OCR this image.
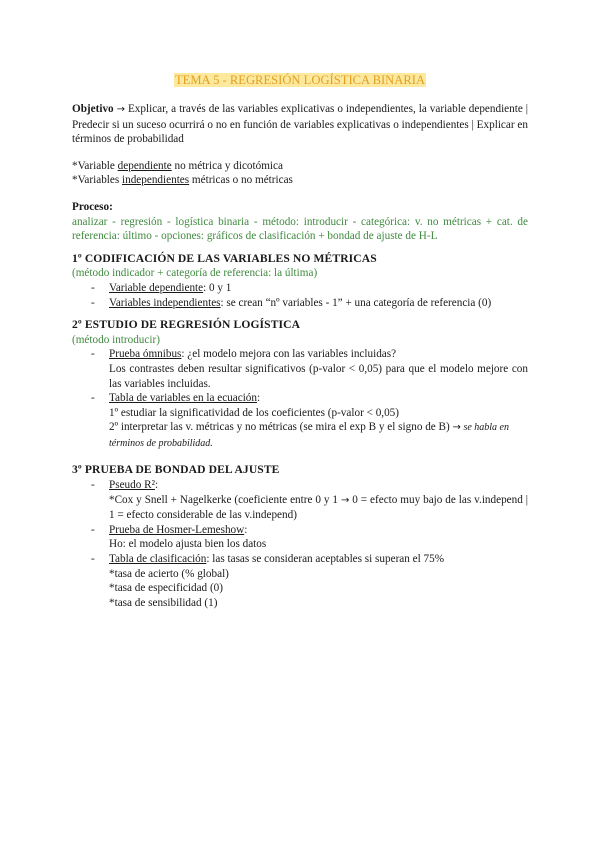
TEMA 5 - REGRESIÓN LOGÍSTICA BINARIA

Objetivo → Explicar, a través de las variables explicativas o independientes, la variable dependiente | Predecir si un suceso ocurrirá o no en función de variables explicativas o independientes | Explicar en términos de probabilidad

*Variable dependiente no métrica y dicotómica

*Variables independientes métricas o no métricas

Proceso:

analizar - regresión - logística binaria - método: introducir - categórica: v. no métricas + cat. de referencia: último - opciones: gráficos de clasificación + bondad de ajuste de H-L

1º CODIFICACIÓN DE LAS VARIABLES NO MÉTRICAS

(método indicador + categoría de referencia: la última)

- Variable dependiente: 0 y 1
- Variables independientes: se crean “nº variables - 1” + una categoría de referencia (0)

2º ESTUDIO DE REGRESIÓN LOGÍSTICA

(método introducir)

- Prueba ómnibus: ¿el modelo mejora con las variables incluidas?

Los contrastes deben resultar significativos (p-valor < 0,05) para que el modelo mejore con las variables incluidas.

- Tabla de variables en la ecuación:

1º estudiar la significatividad de los coeficientes (p-valor < 0,05)

2º interpretar las v. métricas y no métricas (se mira el exp B y el signo de B) → se habla en términos de probabilidad.

3º PRUEBA DE BONDAD DEL AJUSTE

- Pseudo R²:

*Cox y Snell + Nagelkerke (coeficiente entre 0 y 1 → 0 = efecto muy bajo de las v.independ | 1 = efecto considerable de las v.independ)

- Prueba de Hosmer-Lemeshow:

Ho: el modelo ajusta bien los datos

- Tabla de clasificación: las tasas se consideran aceptables si superan el 75%

*tasa de acierto (% global)

*tasa de especificidad (0)

*tasa de sensibilidad (1)
